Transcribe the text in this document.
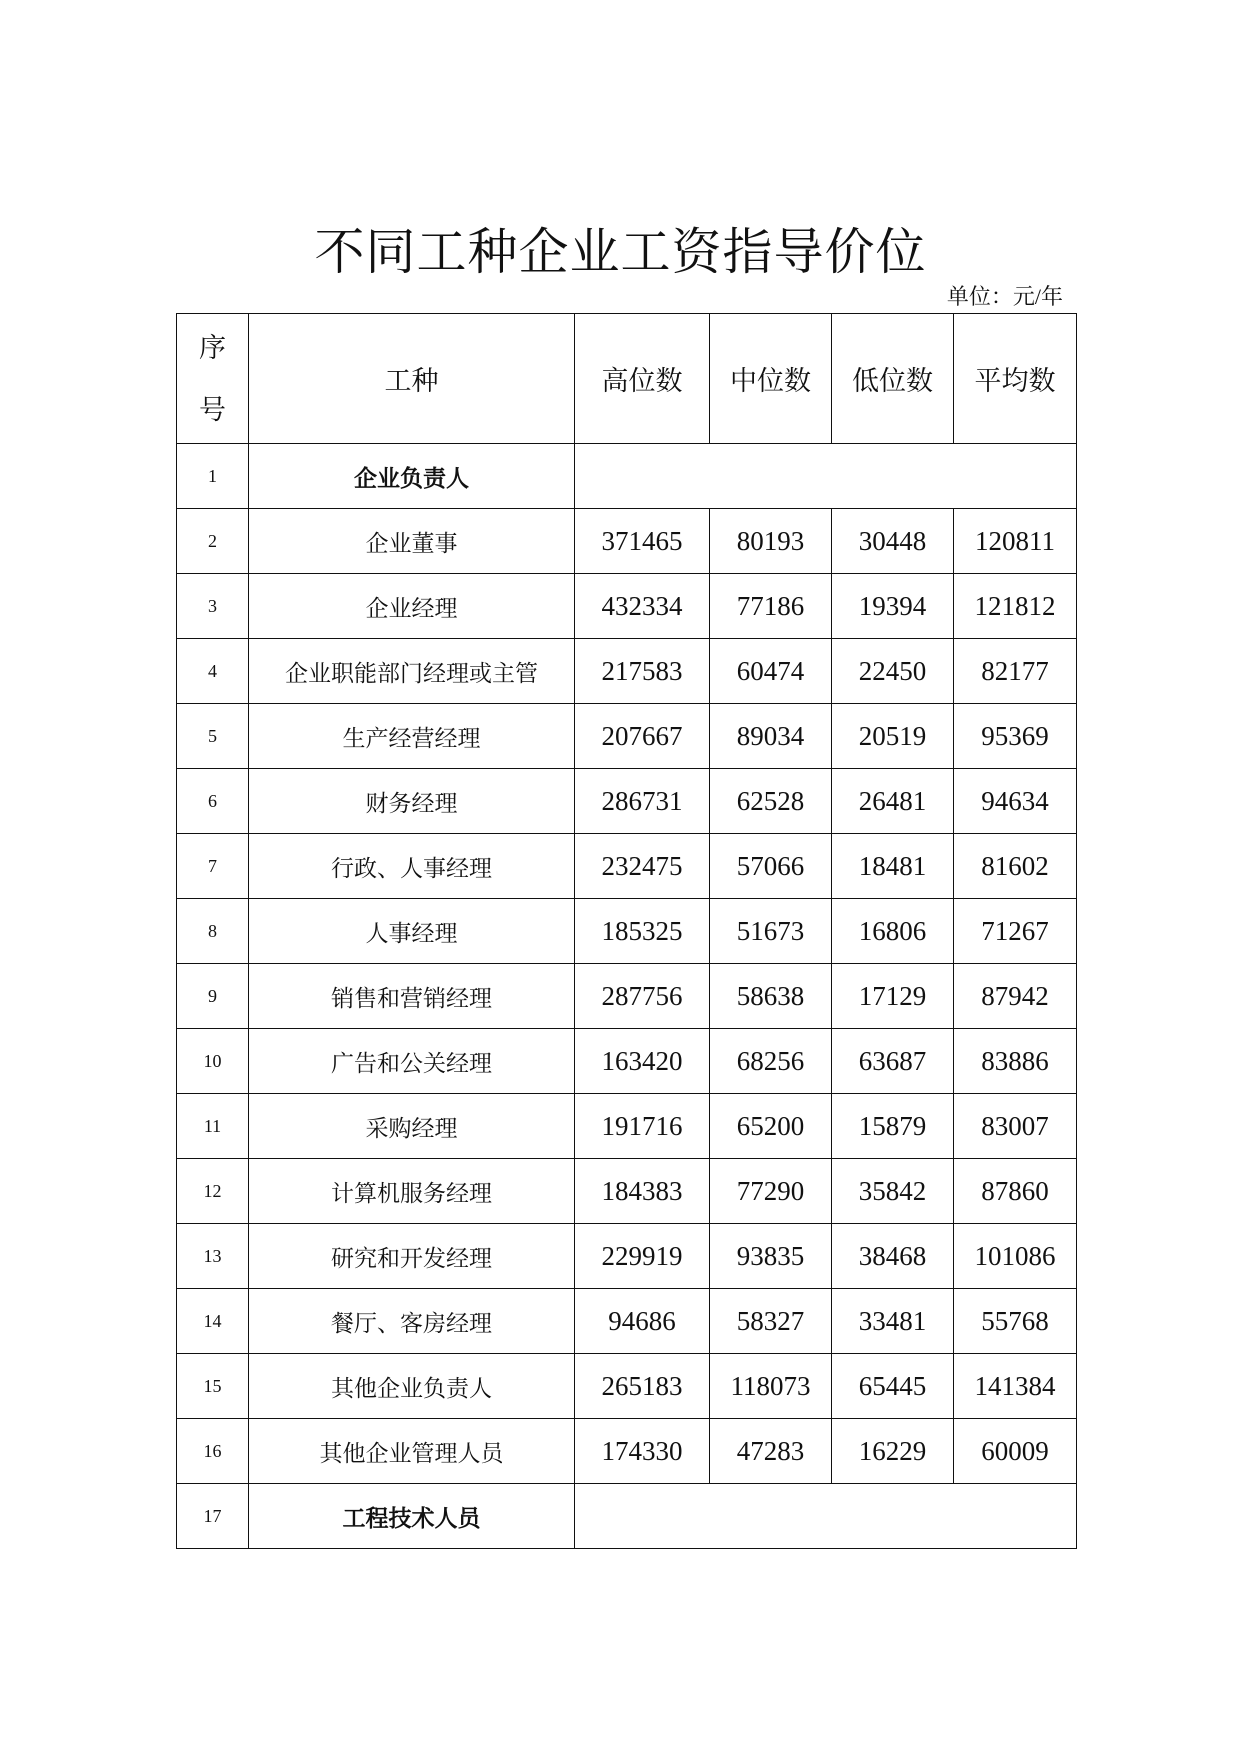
不同工种企业工资指导价位
单位：元/年
序
号	工种	高位数	中位数	低位数	平均数
1	企业负责人				
2	企业董事	371465	80193	30448	120811
3	企业经理	432334	77186	19394	121812
4	企业职能部门经理或主管	217583	60474	22450	82177
5	生产经营经理	207667	89034	20519	95369
6	财务经理	286731	62528	26481	94634
7	行政、人事经理	232475	57066	18481	81602
8	人事经理	185325	51673	16806	71267
9	销售和营销经理	287756	58638	17129	87942
10	广告和公关经理	163420	68256	63687	83886
11	采购经理	191716	65200	15879	83007
12	计算机服务经理	184383	77290	35842	87860
13	研究和开发经理	229919	93835	38468	101086
14	餐厅、客房经理	94686	58327	33481	55768
15	其他企业负责人	265183	118073	65445	141384
16	其他企业管理人员	174330	47283	16229	60009
17	工程技术人员				
